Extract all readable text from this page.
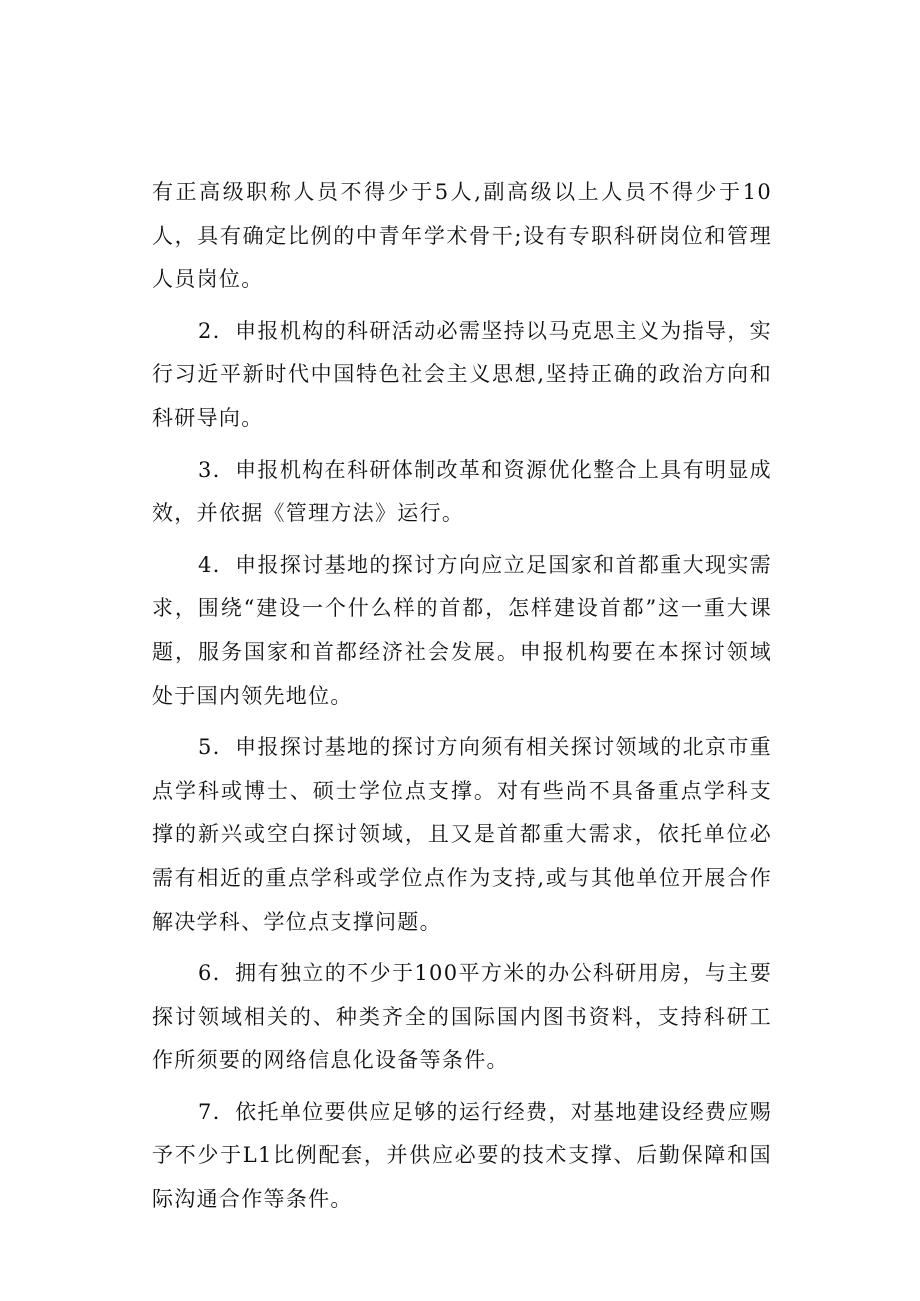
有正高级职称人员不得少于5人,副高级以上人员不得少于10人，具有确定比例的中青年学术骨干;设有专职科研岗位和管理人员岗位。

2．申报机构的科研活动必需坚持以马克思主义为指导，实行习近平新时代中国特色社会主义思想,坚持正确的政治方向和科研导向。

3．申报机构在科研体制改革和资源优化整合上具有明显成效，并依据《管理方法》运行。

4．申报探讨基地的探讨方向应立足国家和首都重大现实需求，围绕“建设一个什么样的首都，怎样建设首都”这一重大课题，服务国家和首都经济社会发展。申报机构要在本探讨领域处于国内领先地位。

5．申报探讨基地的探讨方向须有相关探讨领域的北京市重点学科或博士、硕士学位点支撑。对有些尚不具备重点学科支撑的新兴或空白探讨领域，且又是首都重大需求，依托单位必需有相近的重点学科或学位点作为支持,或与其他单位开展合作解决学科、学位点支撑问题。

6．拥有独立的不少于100平方米的办公科研用房，与主要探讨领域相关的、种类齐全的国际国内图书资料，支持科研工作所须要的网络信息化设备等条件。

7．依托单位要供应足够的运行经费，对基地建设经费应赐予不少于L1比例配套，并供应必要的技术支撑、后勤保障和国际沟通合作等条件。
